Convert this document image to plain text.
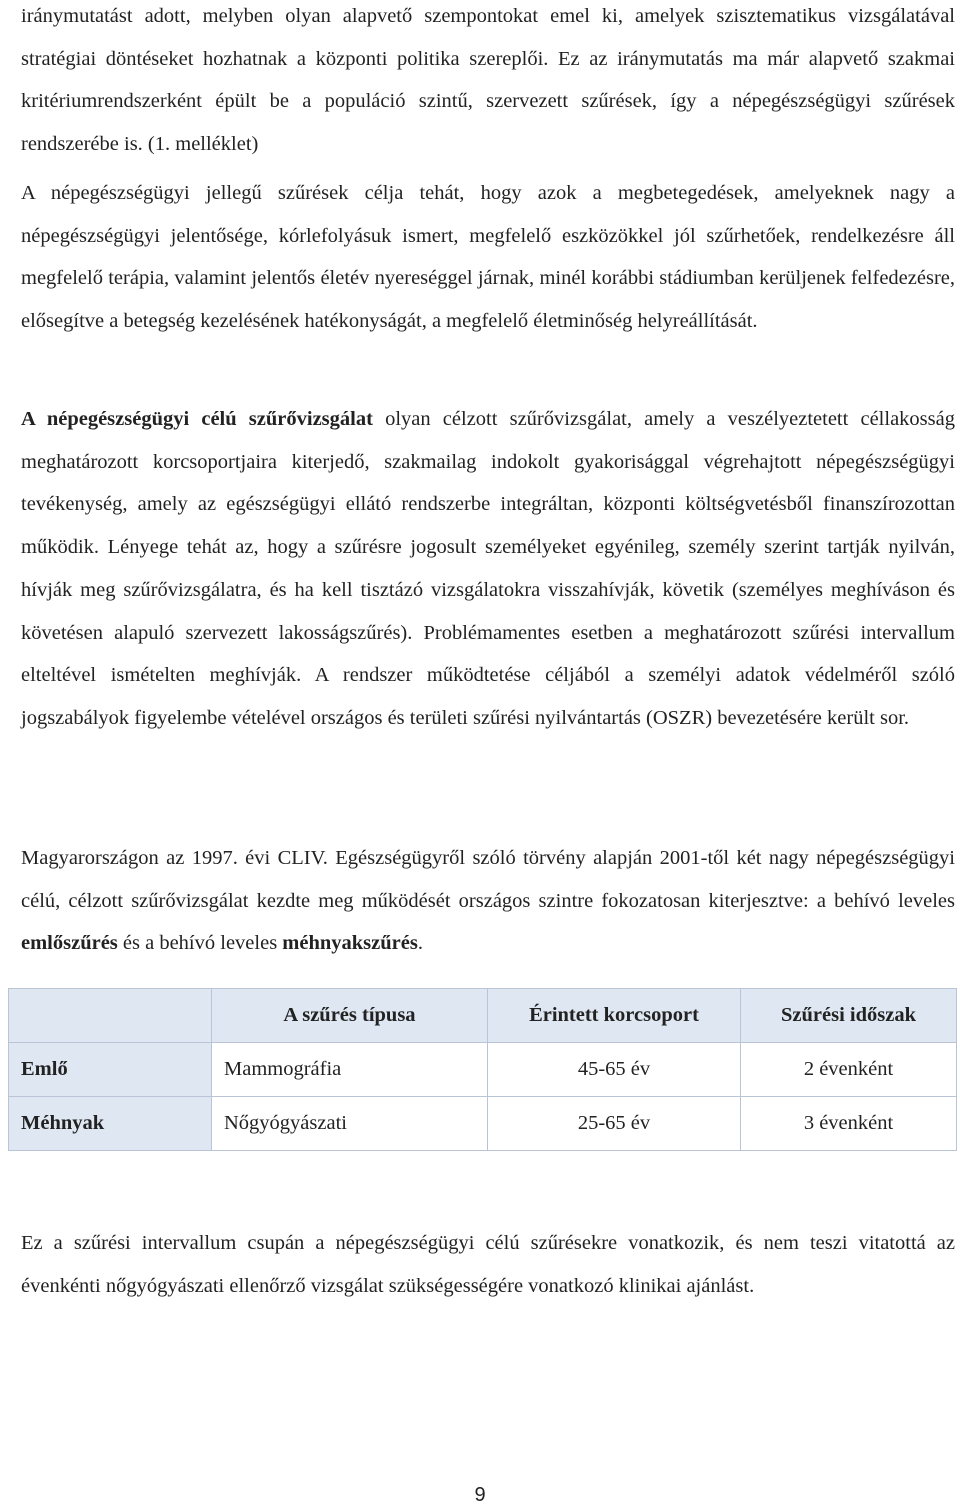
iránymutatást adott, melyben olyan alapvető szempontokat emel ki, amelyek szisztematikus vizsgálatával stratégiai döntéseket hozhatnak a központi politika szereplői. Ez az iránymutatás ma már alapvető szakmai kritériumrendszerként épült be a populáció szintű, szervezett szűrések, így a népegészségügyi szűrések rendszerébe is. (1. melléklet)

A népegészségügyi jellegű szűrések célja tehát, hogy azok a megbetegedések, amelyeknek nagy a népegészségügyi jelentősége, kórlefolyásuk ismert, megfelelő eszközökkel jól szűrhetőek, rendelkezésre áll megfelelő terápia, valamint jelentős életév nyereséggel járnak, minél korábbi stádiumban kerüljenek felfedezésre, elősegítve a betegség kezelésének hatékonyságát, a megfelelő életminőség helyreállítását.

A népegészségügyi célú szűrővizsgálat olyan célzott szűrővizsgálat, amely a veszélyeztetett céllakosság meghatározott korcsoportjaira kiterjedő, szakmailag indokolt gyakorisággal végrehajtott népegészségügyi tevékenység, amely az egészségügyi ellátó rendszerbe integráltan, központi költségvetésből finanszírozottan működik. Lényege tehát az, hogy a szűrésre jogosult személyeket egyénileg, személy szerint tartják nyilván, hívják meg szűrővizsgálatra, és ha kell tisztázó vizsgálatokra visszahívják, követik (személyes meghíváson és követésen alapuló szervezett lakosságszűrés). Problémamentes esetben a meghatározott szűrési intervallum elteltével ismételten meghívják. A rendszer működtetése céljából a személyi adatok védelméről szóló jogszabályok figyelembe vételével országos és területi szűrési nyilvántartás (OSZR) bevezetésére került sor.

Magyarországon az 1997. évi CLIV. Egészségügyről szóló törvény alapján 2001-től két nagy népegészségügyi célú, célzott szűrővizsgálat kezdte meg működését országos szintre fokozatosan kiterjesztve: a behívó leveles emlőszűrés és a behívó leveles méhnyakszűrés.

	A szűrés típusa	Érintett korcsoport	Szűrési időszak
Emlő	Mammográfia	45-65 év	2 évenként
Méhnyak	Nőgyógyászati	25-65 év	3 évenként

Ez a szűrési intervallum csupán a népegészségügyi célú szűrésekre vonatkozik, és nem teszi vitatottá az évenkénti nőgyógyászati ellenőrző vizsgálat szükségességére vonatkozó klinikai ajánlást.

9
